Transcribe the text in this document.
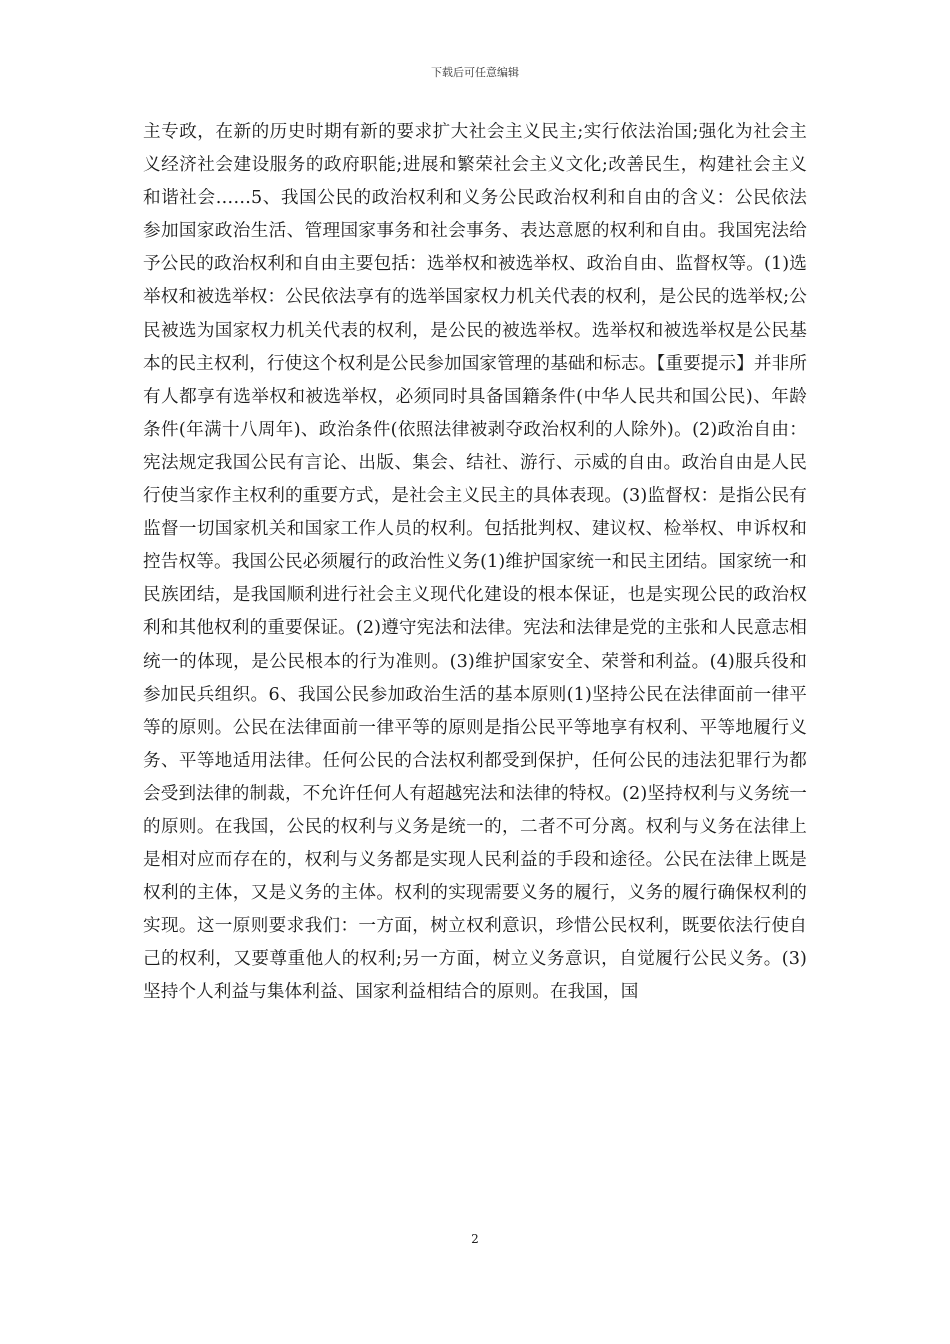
下载后可任意编辑
主专政，在新的历史时期有新的要求扩大社会主义民主;实行依法治国;强化为社会主义经济社会建设服务的政府职能;进展和繁荣社会主义文化;改善民生，构建社会主义和谐社会……5、我国公民的政治权利和义务公民政治权利和自由的含义：公民依法参加国家政治生活、管理国家事务和社会事务、表达意愿的权利和自由。我国宪法给予公民的政治权利和自由主要包括：选举权和被选举权、政治自由、监督权等。(1)选举权和被选举权：公民依法享有的选举国家权力机关代表的权利，是公民的选举权;公民被选为国家权力机关代表的权利，是公民的被选举权。选举权和被选举权是公民基本的民主权利，行使这个权利是公民参加国家管理的基础和标志。【重要提示】并非所有人都享有选举权和被选举权，必须同时具备国籍条件(中华人民共和国公民)、年龄条件(年满十八周年)、政治条件(依照法律被剥夺政治权利的人除外)。(2)政治自由：宪法规定我国公民有言论、出版、集会、结社、游行、示威的自由。政治自由是人民行使当家作主权利的重要方式，是社会主义民主的具体表现。(3)监督权：是指公民有监督一切国家机关和国家工作人员的权利。包括批判权、建议权、检举权、申诉权和控告权等。我国公民必须履行的政治性义务(1)维护国家统一和民主团结。国家统一和民族团结，是我国顺利进行社会主义现代化建设的根本保证，也是实现公民的政治权利和其他权利的重要保证。(2)遵守宪法和法律。宪法和法律是党的主张和人民意志相统一的体现，是公民根本的行为准则。(3)维护国家安全、荣誉和利益。(4)服兵役和参加民兵组织。6、我国公民参加政治生活的基本原则(1)坚持公民在法律面前一律平等的原则。公民在法律面前一律平等的原则是指公民平等地享有权利、平等地履行义务、平等地适用法律。任何公民的合法权利都受到保护，任何公民的违法犯罪行为都会受到法律的制裁，不允许任何人有超越宪法和法律的特权。(2)坚持权利与义务统一的原则。在我国，公民的权利与义务是统一的，二者不可分离。权利与义务在法律上是相对应而存在的，权利与义务都是实现人民利益的手段和途径。公民在法律上既是权利的主体，又是义务的主体。权利的实现需要义务的履行，义务的履行确保权利的实现。这一原则要求我们：一方面，树立权利意识，珍惜公民权利，既要依法行使自己的权利，又要尊重他人的权利;另一方面，树立义务意识，自觉履行公民义务。(3)坚持个人利益与集体利益、国家利益相结合的原则。在我国，国
2
